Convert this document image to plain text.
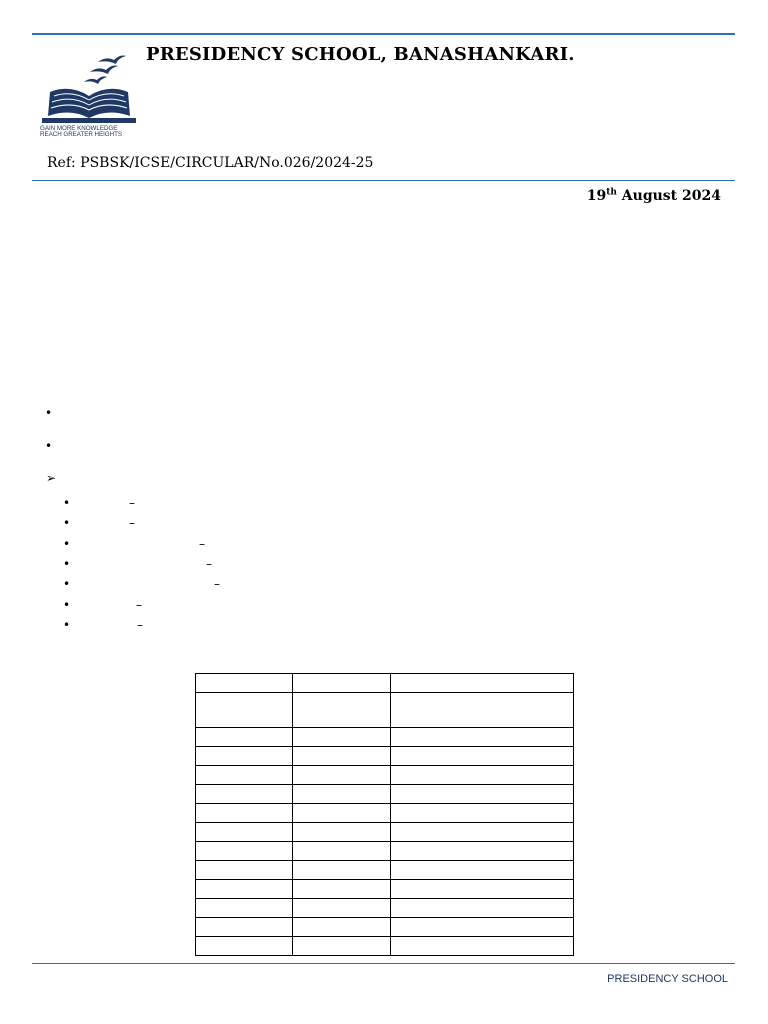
GAIN MORE KNOWLEDGE
REACH GREATER HEIGHTS
PRESIDENCY SCHOOL, BANASHANKARI.
Ref: PSBSK/ICSE/CIRCULAR/No.026/2024-25
19th August 2024
•
•
➢
•	–
•	–
•	–
•	–
•	–
•	–
•	–

PRESIDENCY SCHOOL
